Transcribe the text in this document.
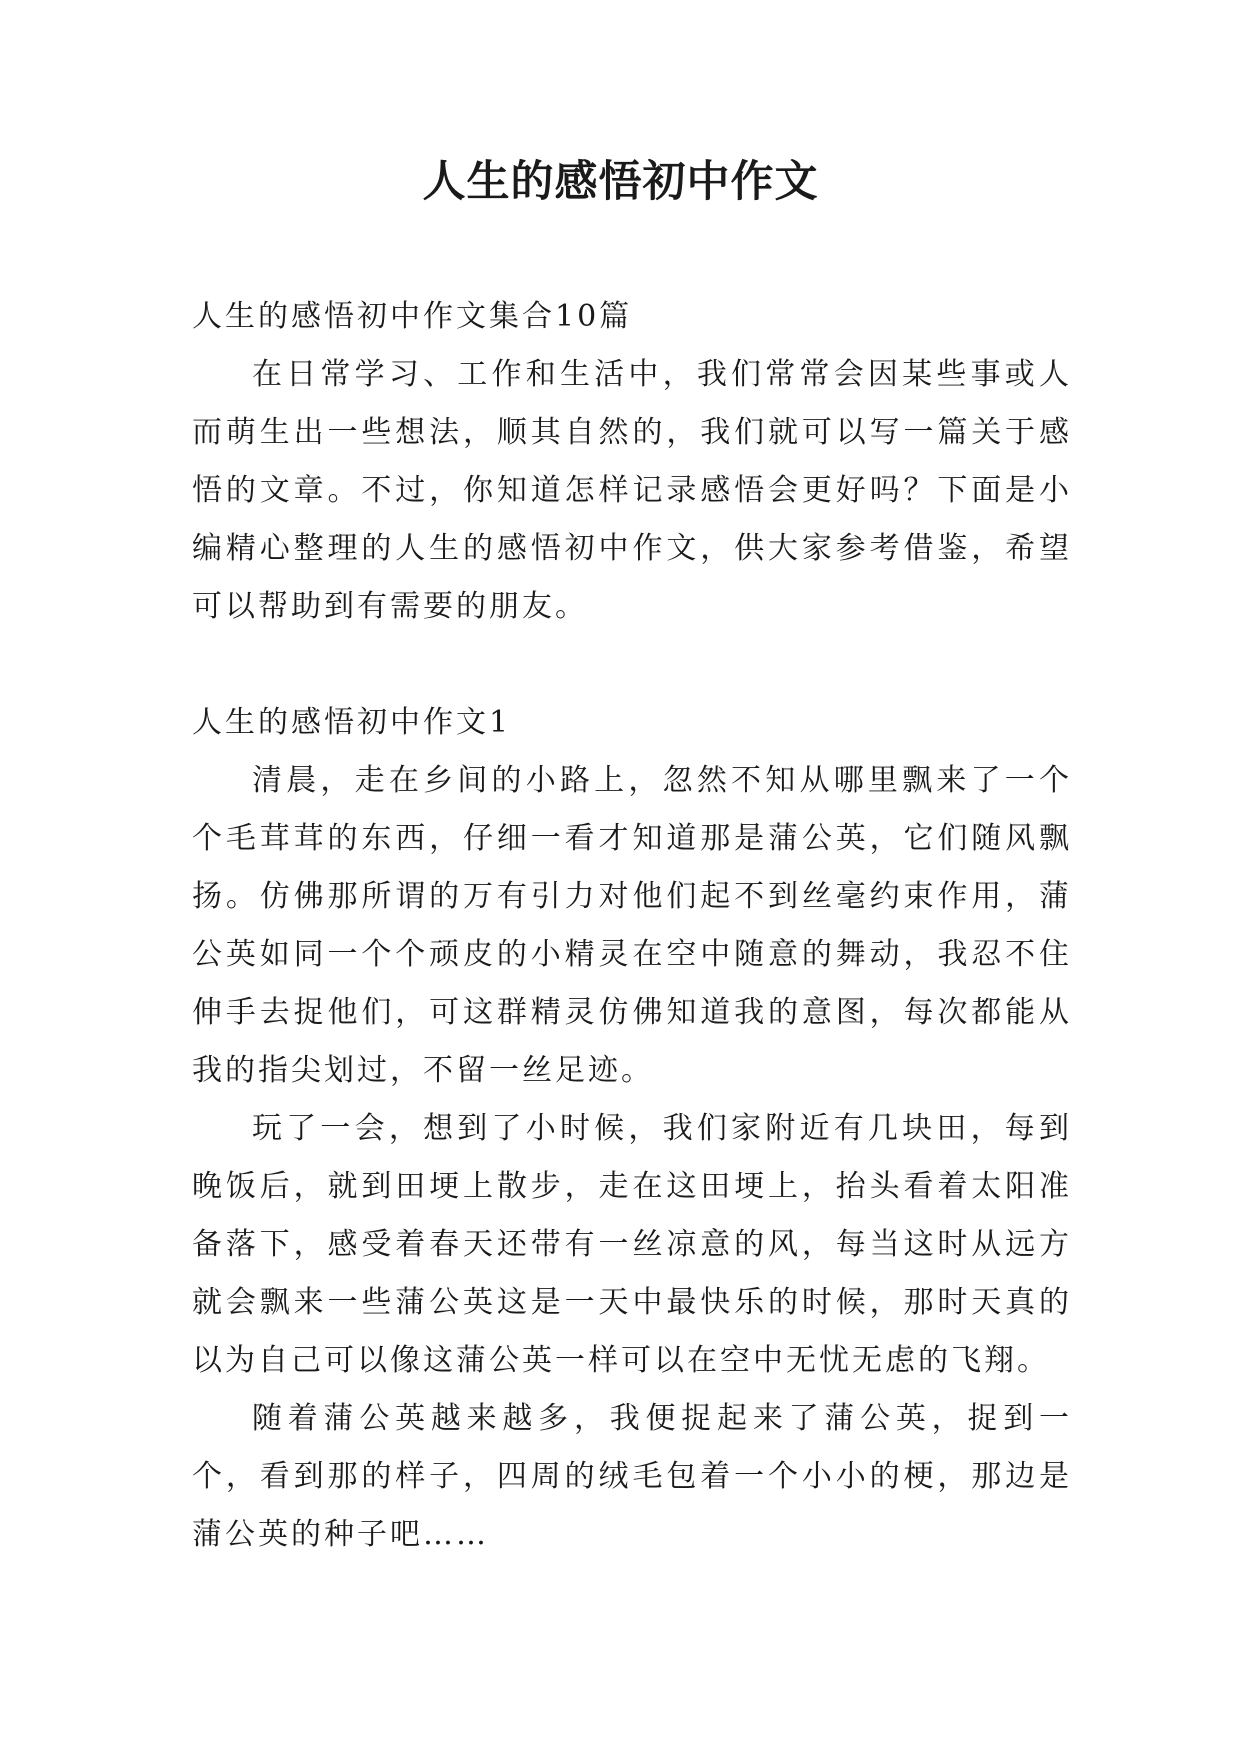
人生的感悟初中作文

人生的感悟初中作文集合10篇

在日常学习、工作和生活中，我们常常会因某些事或人而萌生出一些想法，顺其自然的，我们就可以写一篇关于感悟的文章。不过，你知道怎样记录感悟会更好吗？下面是小编精心整理的人生的感悟初中作文，供大家参考借鉴，希望可以帮助到有需要的朋友。

人生的感悟初中作文1

清晨，走在乡间的小路上，忽然不知从哪里飘来了一个个毛茸茸的东西，仔细一看才知道那是蒲公英，它们随风飘扬。仿佛那所谓的万有引力对他们起不到丝毫约束作用，蒲公英如同一个个顽皮的小精灵在空中随意的舞动，我忍不住伸手去捉他们，可这群精灵仿佛知道我的意图，每次都能从我的指尖划过，不留一丝足迹。

玩了一会，想到了小时候，我们家附近有几块田，每到晚饭后，就到田埂上散步，走在这田埂上，抬头看着太阳准备落下，感受着春天还带有一丝凉意的风，每当这时从远方就会飘来一些蒲公英这是一天中最快乐的时候，那时天真的以为自己可以像这蒲公英一样可以在空中无忧无虑的飞翔。

随着蒲公英越来越多，我便捉起来了蒲公英，捉到一个，看到那的样子，四周的绒毛包着一个小小的梗，那边是蒲公英的种子吧……
